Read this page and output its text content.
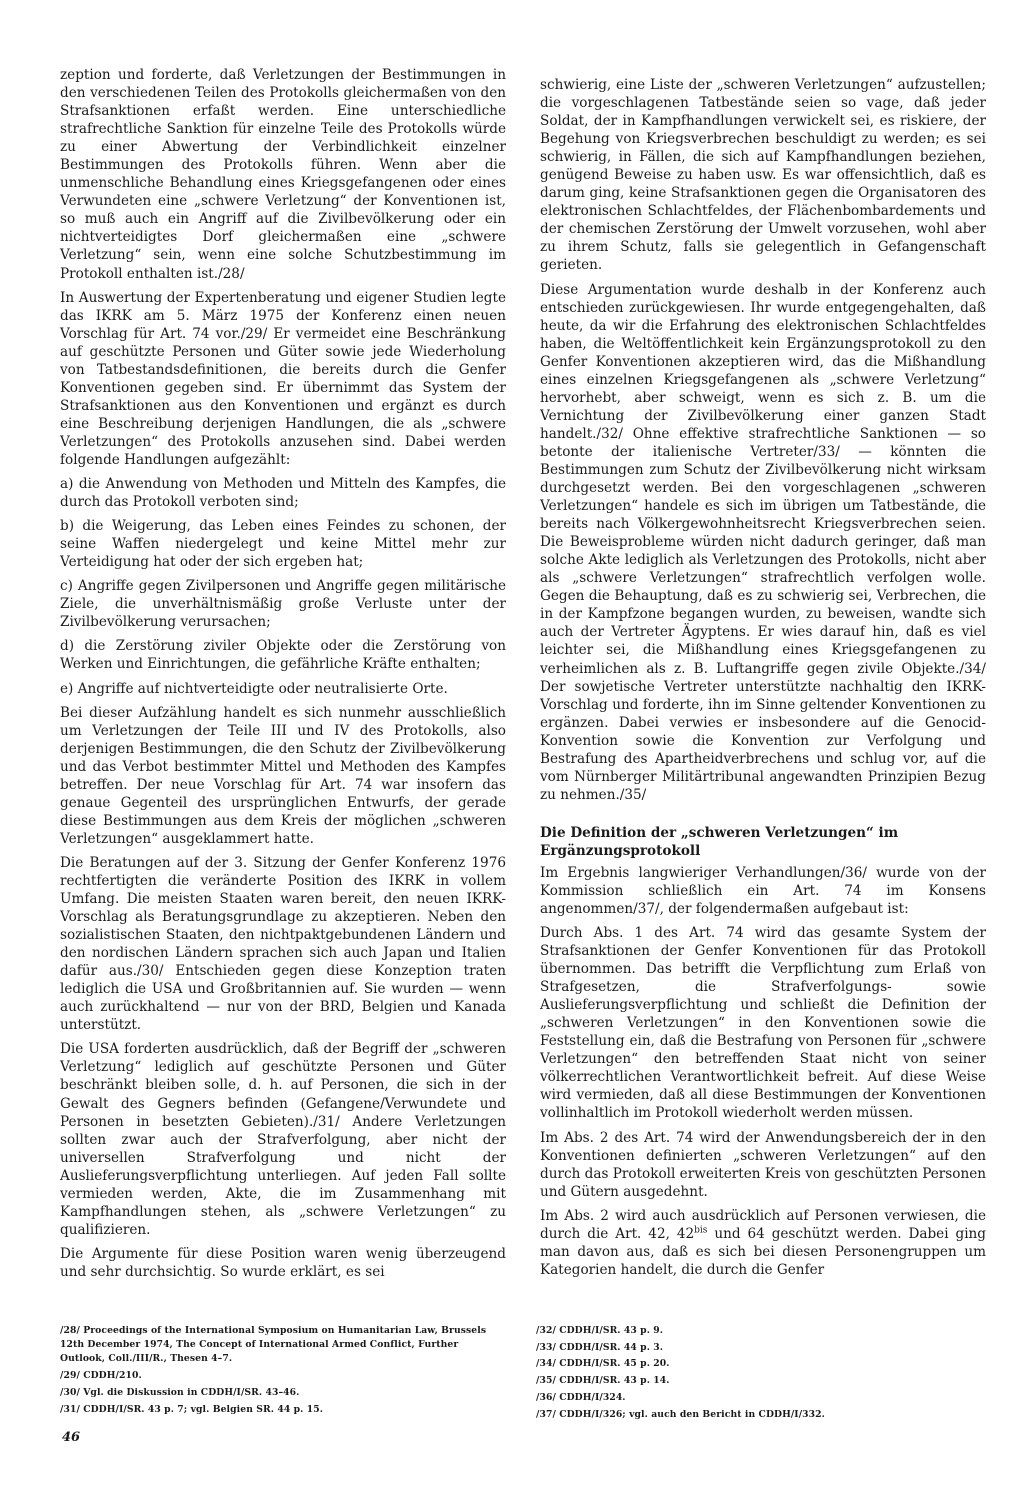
zeption und forderte, daß Verletzungen der Bestimmungen in den verschiedenen Teilen des Protokolls gleichermaßen von den Strafsanktionen erfaßt werden. Eine unterschiedliche strafrechtliche Sanktion für einzelne Teile des Protokolls würde zu einer Abwertung der Verbindlichkeit einzelner Bestimmungen des Protokolls führen. Wenn aber die unmenschliche Behandlung eines Kriegsgefangenen oder eines Verwundeten eine „schwere Verletzung“ der Konventionen ist, so muß auch ein Angriff auf die Zivilbevölkerung oder ein nichtverteidigtes Dorf gleichermaßen eine „schwere Verletzung“ sein, wenn eine solche Schutzbestimmung im Protokoll enthalten ist./28/

In Auswertung der Expertenberatung und eigener Studien legte das IKRK am 5. März 1975 der Konferenz einen neuen Vorschlag für Art. 74 vor./29/ Er vermeidet eine Beschränkung auf geschützte Personen und Güter sowie jede Wiederholung von Tatbestandsdefinitionen, die bereits durch die Genfer Konventionen gegeben sind. Er übernimmt das System der Strafsanktionen aus den Konventionen und ergänzt es durch eine Beschreibung derjenigen Handlungen, die als „schwere Verletzungen“ des Protokolls anzusehen sind. Dabei werden folgende Handlungen aufgezählt:

a) die Anwendung von Methoden und Mitteln des Kampfes, die durch das Protokoll verboten sind;

b) die Weigerung, das Leben eines Feindes zu schonen, der seine Waffen niedergelegt und keine Mittel mehr zur Verteidigung hat oder der sich ergeben hat;

c) Angriffe gegen Zivilpersonen und Angriffe gegen militärische Ziele, die unverhältnismäßig große Verluste unter der Zivilbevölkerung verursachen;

d) die Zerstörung ziviler Objekte oder die Zerstörung von Werken und Einrichtungen, die gefährliche Kräfte enthalten;

e) Angriffe auf nichtverteidigte oder neutralisierte Orte.

Bei dieser Aufzählung handelt es sich nunmehr ausschließlich um Verletzungen der Teile III und IV des Protokolls, also derjenigen Bestimmungen, die den Schutz der Zivilbevölkerung und das Verbot bestimmter Mittel und Methoden des Kampfes betreffen. Der neue Vorschlag für Art. 74 war insofern das genaue Gegenteil des ursprünglichen Entwurfs, der gerade diese Bestimmungen aus dem Kreis der möglichen „schweren Verletzungen“ ausgeklammert hatte.

Die Beratungen auf der 3. Sitzung der Genfer Konferenz 1976 rechtfertigten die veränderte Position des IKRK in vollem Umfang. Die meisten Staaten waren bereit, den neuen IKRK-Vorschlag als Beratungsgrundlage zu akzeptieren. Neben den sozialistischen Staaten, den nichtpaktgebundenen Ländern und den nordischen Ländern sprachen sich auch Japan und Italien dafür aus./30/ Entschieden gegen diese Konzeption traten lediglich die USA und Großbritannien auf. Sie wurden — wenn auch zurückhaltend — nur von der BRD, Belgien und Kanada unterstützt.

Die USA forderten ausdrücklich, daß der Begriff der „schweren Verletzung“ lediglich auf geschützte Personen und Güter beschränkt bleiben solle, d. h. auf Personen, die sich in der Gewalt des Gegners befinden (Gefangene/Verwundete und Personen in besetzten Gebieten)./31/ Andere Verletzungen sollten zwar auch der Strafverfolgung, aber nicht der universellen Strafverfolgung und nicht der Auslieferungsverpflichtung unterliegen. Auf jeden Fall sollte vermieden werden, Akte, die im Zusammenhang mit Kampfhandlungen stehen, als „schwere Verletzungen“ zu qualifizieren.

Die Argumente für diese Position waren wenig überzeugend und sehr durchsichtig. So wurde erklärt, es sei

schwierig, eine Liste der „schweren Verletzungen“ aufzustellen; die vorgeschlagenen Tatbestände seien so vage, daß jeder Soldat, der in Kampfhandlungen verwickelt sei, es riskiere, der Begehung von Kriegsverbrechen beschuldigt zu werden; es sei schwierig, in Fällen, die sich auf Kampfhandlungen beziehen, genügend Beweise zu haben usw. Es war offensichtlich, daß es darum ging, keine Strafsanktionen gegen die Organisatoren des elektronischen Schlachtfeldes, der Flächenbombardements und der chemischen Zerstörung der Umwelt vorzusehen, wohl aber zu ihrem Schutz, falls sie gelegentlich in Gefangenschaft gerieten.

Diese Argumentation wurde deshalb in der Konferenz auch entschieden zurückgewiesen. Ihr wurde entgegengehalten, daß heute, da wir die Erfahrung des elektronischen Schlachtfeldes haben, die Weltöffentlichkeit kein Ergänzungsprotokoll zu den Genfer Konventionen akzeptieren wird, das die Mißhandlung eines einzelnen Kriegsgefangenen als „schwere Verletzung“ hervorhebt, aber schweigt, wenn es sich z. B. um die Vernichtung der Zivilbevölkerung einer ganzen Stadt handelt./32/ Ohne effektive strafrechtliche Sanktionen — so betonte der italienische Vertreter/33/ — könnten die Bestimmungen zum Schutz der Zivilbevölkerung nicht wirksam durchgesetzt werden. Bei den vorgeschlagenen „schweren Verletzungen“ handele es sich im übrigen um Tatbestände, die bereits nach Völkergewohnheitsrecht Kriegsverbrechen seien. Die Beweisprobleme würden nicht dadurch geringer, daß man solche Akte lediglich als Verletzungen des Protokolls, nicht aber als „schwere Verletzungen“ strafrechtlich verfolgen wolle. Gegen die Behauptung, daß es zu schwierig sei, Verbrechen, die in der Kampfzone begangen wurden, zu beweisen, wandte sich auch der Vertreter Ägyptens. Er wies darauf hin, daß es viel leichter sei, die Mißhandlung eines Kriegsgefangenen zu verheimlichen als z. B. Luftangriffe gegen zivile Objekte./34/ Der sowjetische Vertreter unterstützte nachhaltig den IKRK-Vorschlag und forderte, ihn im Sinne geltender Konventionen zu ergänzen. Dabei verwies er insbesondere auf die Genocid-Konvention sowie die Konvention zur Verfolgung und Bestrafung des Apartheidverbrechens und schlug vor, auf die vom Nürnberger Militärtribunal angewandten Prinzipien Bezug zu nehmen./35/

Die Definition der „schweren Verletzungen“ im Ergänzungsprotokoll

Im Ergebnis langwieriger Verhandlungen/36/ wurde von der Kommission schließlich ein Art. 74 im Konsens angenommen/37/, der folgendermaßen aufgebaut ist:

Durch Abs. 1 des Art. 74 wird das gesamte System der Strafsanktionen der Genfer Konventionen für das Protokoll übernommen. Das betrifft die Verpflichtung zum Erlaß von Strafgesetzen, die Strafverfolgungs- sowie Auslieferungsverpflichtung und schließt die Definition der „schweren Verletzungen“ in den Konventionen sowie die Feststellung ein, daß die Bestrafung von Personen für „schwere Verletzungen“ den betreffenden Staat nicht von seiner völkerrechtlichen Verantwortlichkeit befreit. Auf diese Weise wird vermieden, daß all diese Bestimmungen der Konventionen vollinhaltlich im Protokoll wiederholt werden müssen.

Im Abs. 2 des Art. 74 wird der Anwendungsbereich der in den Konventionen definierten „schweren Verletzungen“ auf den durch das Protokoll erweiterten Kreis von geschützten Personen und Gütern ausgedehnt.

Im Abs. 2 wird auch ausdrücklich auf Personen verwiesen, die durch die Art. 42, $42^{bis}$ und 64 geschützt werden. Dabei ging man davon aus, daß es sich bei diesen Personengruppen um Kategorien handelt, die durch die Genfer

/28/ Proceedings of the International Symposium on Humanitarian Law, Brussels 12th December 1974, The Concept of International Armed Conflict, Further Outlook, Coll./III/R., Thesen 4–7.
/29/ CDDH/210.
/30/ Vgl. die Diskussion in CDDH/I/SR. 43–46.
/31/ CDDH/I/SR. 43 p. 7; vgl. Belgien SR. 44 p. 15.
/32/ CDDH/I/SR. 43 p. 9.
/33/ CDDH/I/SR. 44 p. 3.
/34/ CDDH/I/SR. 45 p. 20.
/35/ CDDH/I/SR. 43 p. 14.
/36/ CDDH/I/324.
/37/ CDDH/I/326; vgl. auch den Bericht in CDDH/I/332.
46
